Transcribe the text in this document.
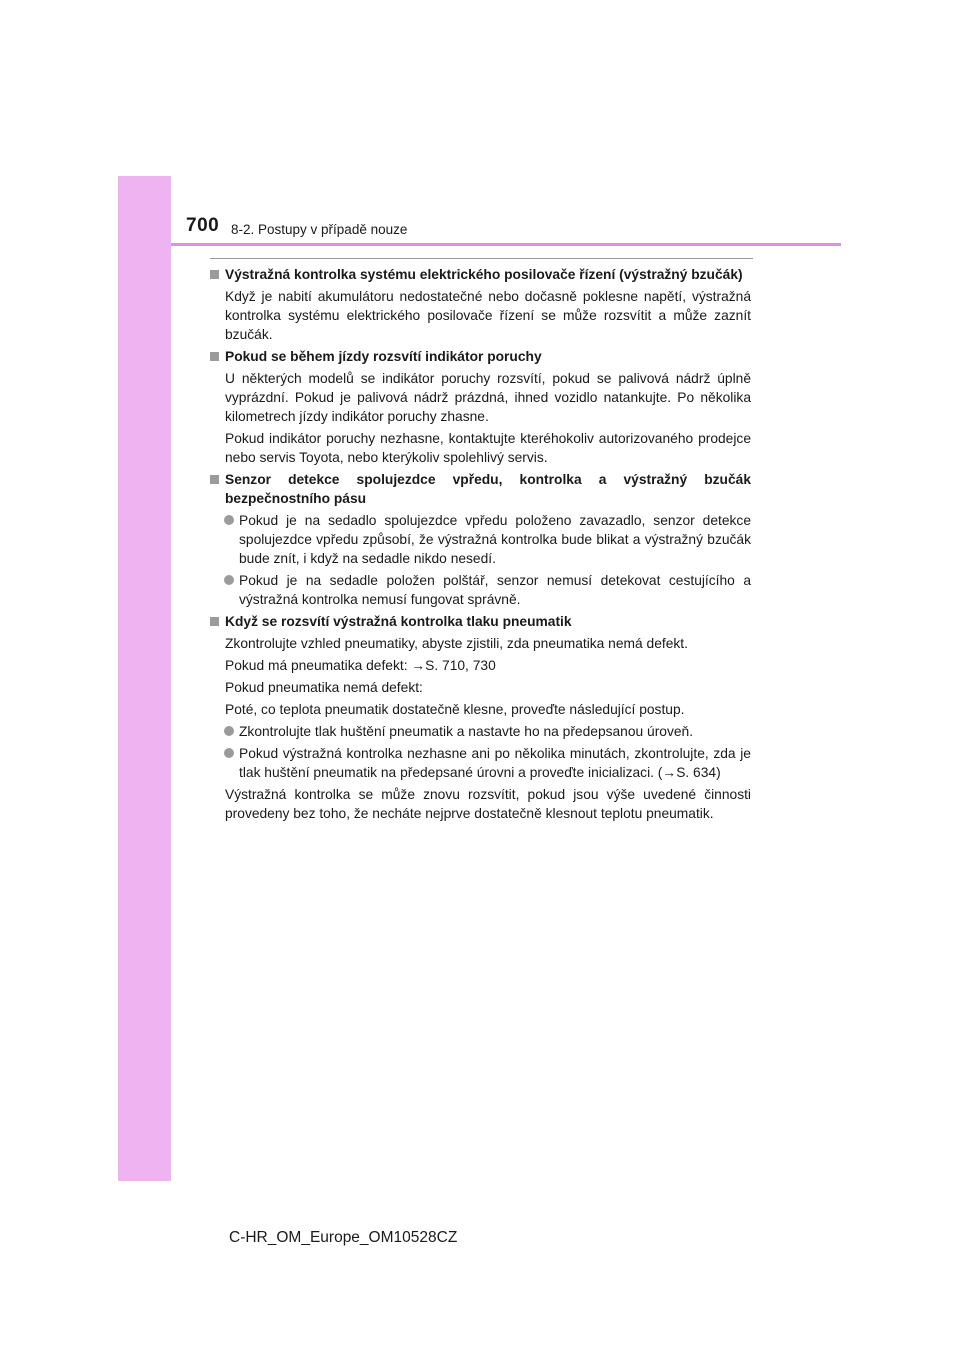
700 8-2. Postupy v případě nouze
Výstražná kontrolka systému elektrického posilovače řízení (výstražný bzučák)
Když je nabití akumulátoru nedostatečné nebo dočasně poklesne napětí, výstražná kontrolka systému elektrického posilovače řízení se může rozsvítit a může zaznít bzučák.
Pokud se během jízdy rozsvítí indikátor poruchy
U některých modelů se indikátor poruchy rozsvítí, pokud se palivová nádrž úplně vyprázdní. Pokud je palivová nádrž prázdná, ihned vozidlo natankujte. Po několika kilometrech jízdy indikátor poruchy zhasne.
Pokud indikátor poruchy nezhasne, kontaktujte kteréhokoliv autorizovaného prodejce nebo servis Toyota, nebo kterýkoliv spolehlivý servis.
Senzor detekce spolujezdce vpředu, kontrolka a výstražný bzučák bezpečnostního pásu
Pokud je na sedadlo spolujezdce vpředu položeno zavazadlo, senzor detekce spolujezdce vpředu způsobí, že výstražná kontrolka bude blikat a výstražný bzučák bude znít, i když na sedadle nikdo nesedí.
Pokud je na sedadle položen polštář, senzor nemusí detekovat cestujícího a výstražná kontrolka nemusí fungovat správně.
Když se rozsvítí výstražná kontrolka tlaku pneumatik
Zkontrolujte vzhled pneumatiky, abyste zjistili, zda pneumatika nemá defekt.
Pokud má pneumatika defekt: →S. 710, 730
Pokud pneumatika nemá defekt:
Poté, co teplota pneumatik dostatečně klesne, proveďte následující postup.
Zkontrolujte tlak huštění pneumatik a nastavte ho na předepsanou úroveň.
Pokud výstražná kontrolka nezhasne ani po několika minutách, zkontrolujte, zda je tlak huštění pneumatik na předepsané úrovni a proveďte inicializaci. (→S. 634)
Výstražná kontrolka se může znovu rozsvítit, pokud jsou výše uvedené činnosti provedeny bez toho, že necháte nejprve dostatečně klesnout teplotu pneumatik.
C-HR_OM_Europe_OM10528CZ
